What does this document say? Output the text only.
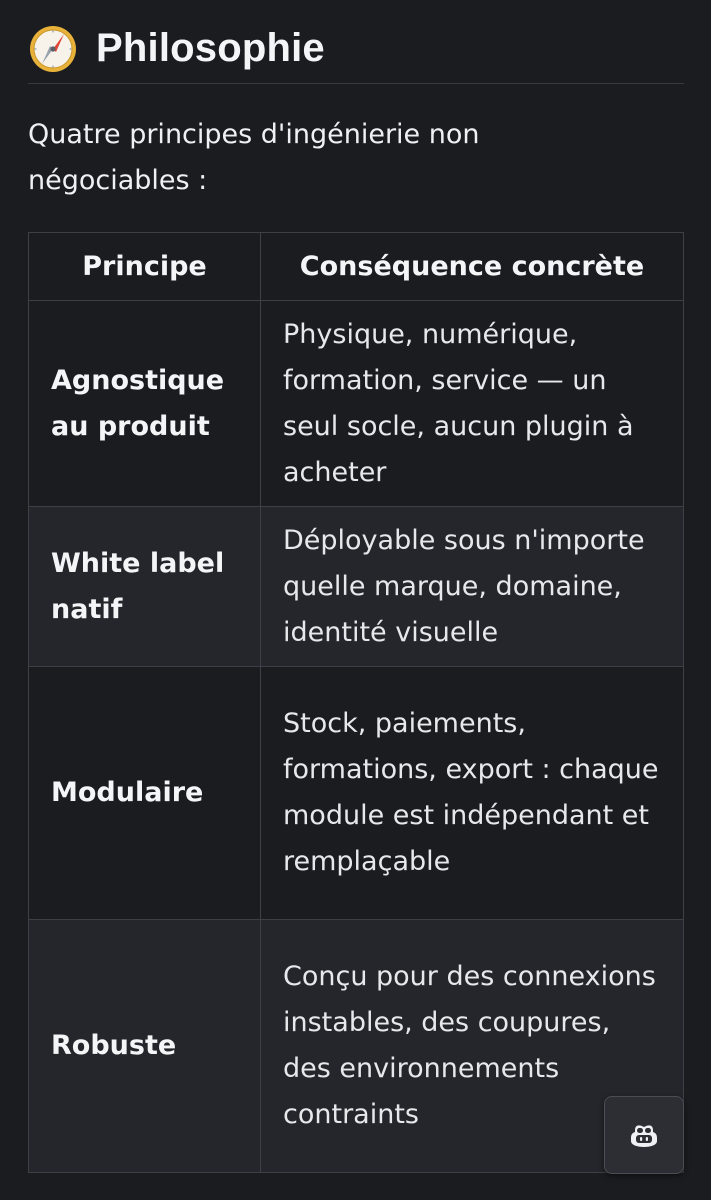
Philosophie

Quatre principes d'ingénierie non négociables :

Principe	Conséquence concrète
Agnostique au produit	Physique, numérique, formation, service — un seul socle, aucun plugin à acheter
White label natif	Déployable sous n'importe quelle marque, domaine, identité visuelle
Modulaire	Stock, paiements, formations, export : chaque module est indépendant et remplaçable
Robuste	Conçu pour des connexions instables, des coupures, des environnements contraints
